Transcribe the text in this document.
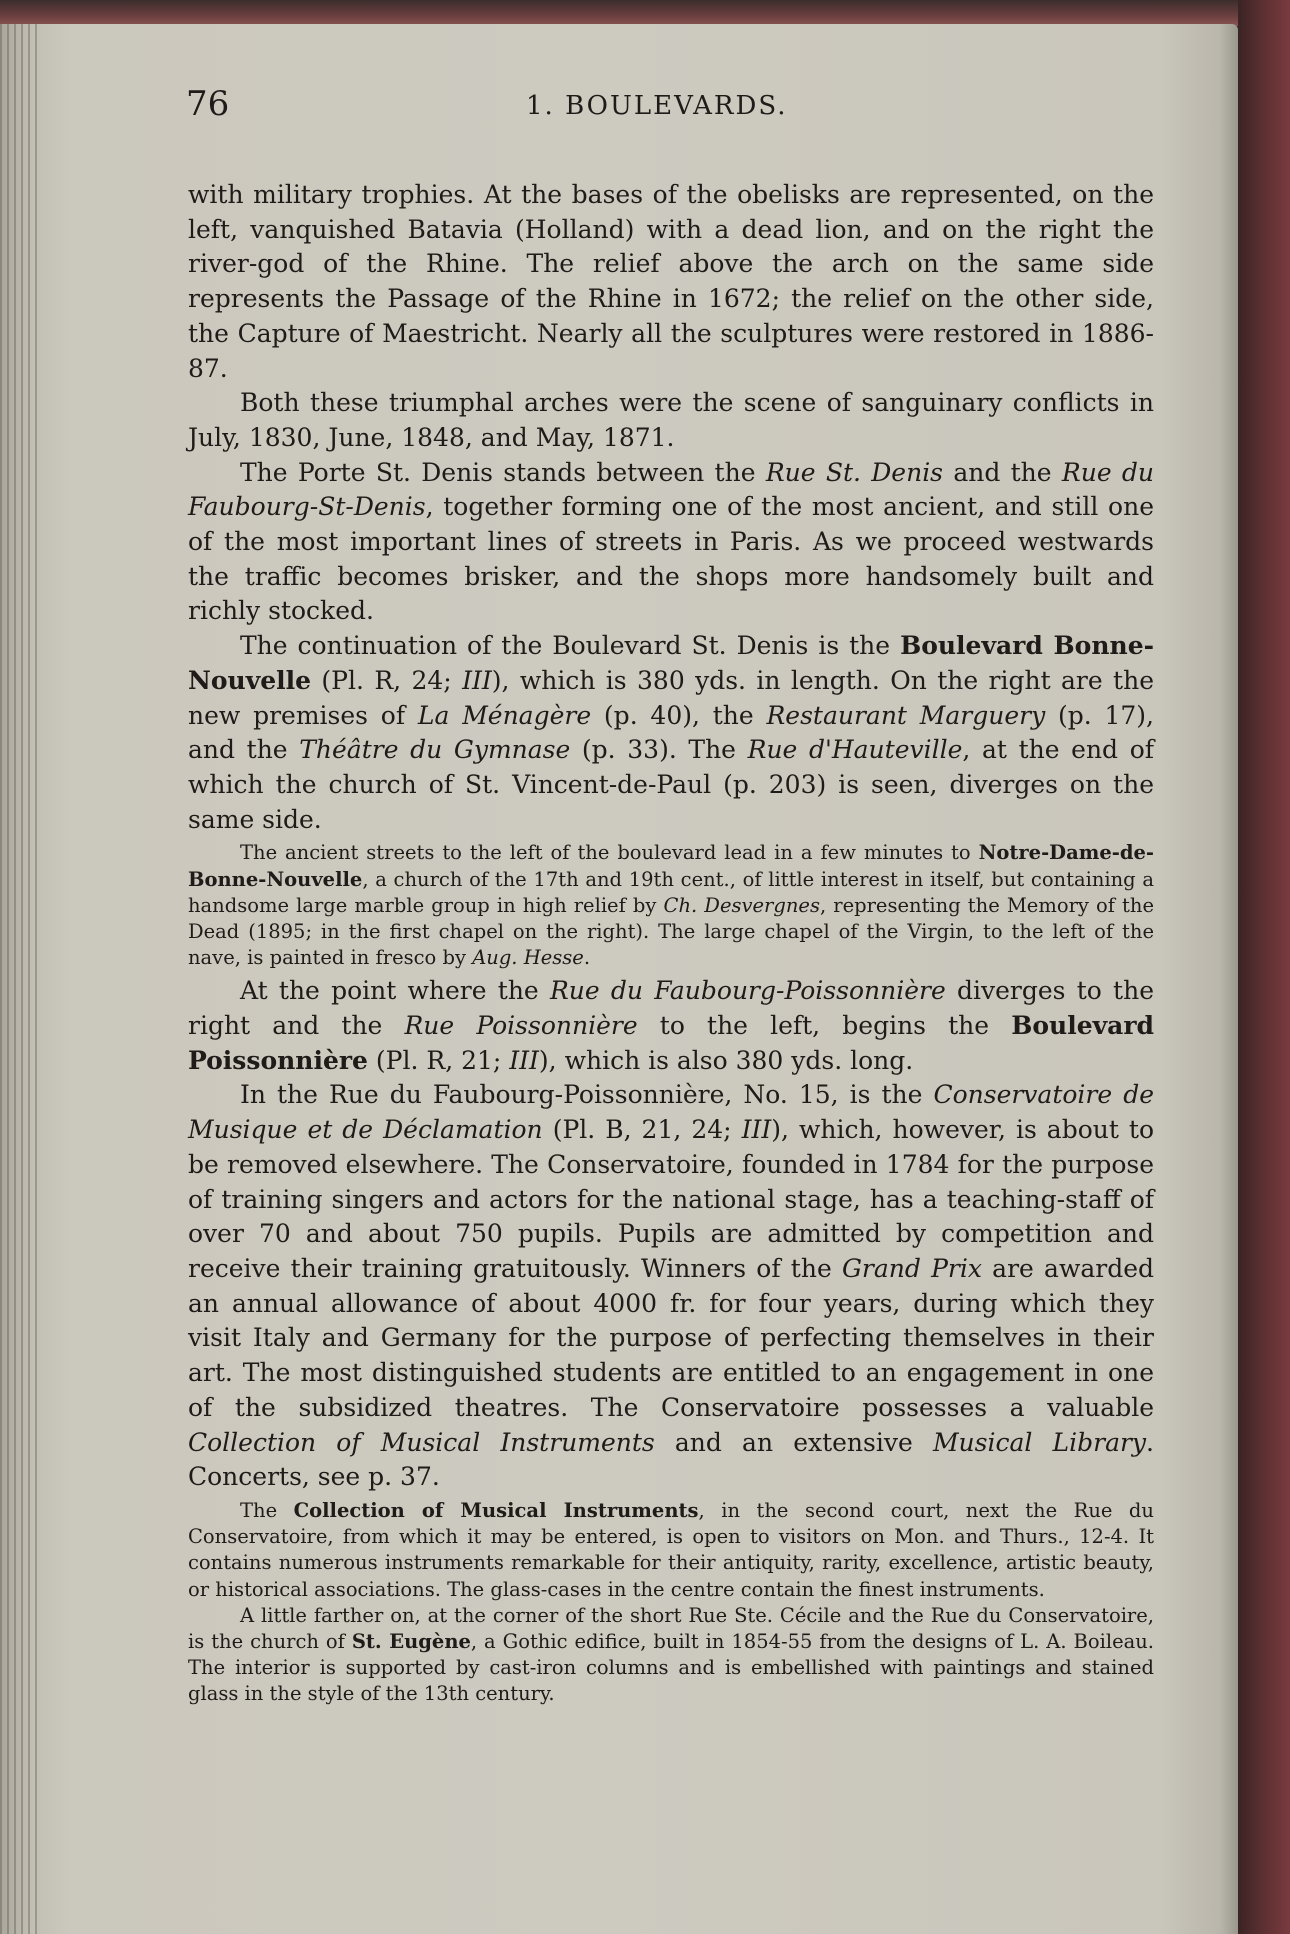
76	1. BOULEVARDS.

with military trophies. At the bases of the obelisks are represented, on the left, vanquished Batavia (Holland) with a dead lion, and on the right the river-god of the Rhine. The relief above the arch on the same side represents the Passage of the Rhine in 1672; the relief on the other side, the Capture of Maestricht. Nearly all the sculptures were restored in 1886-87.

Both these triumphal arches were the scene of sanguinary conflicts in July, 1830, June, 1848, and May, 1871.

The Porte St. Denis stands between the Rue St. Denis and the Rue du Faubourg-St-Denis, together forming one of the most ancient, and still one of the most important lines of streets in Paris. As we proceed westwards the traffic becomes brisker, and the shops more handsomely built and richly stocked.

The continuation of the Boulevard St. Denis is the Boulevard Bonne-Nouvelle (Pl. R, 24; III), which is 380 yds. in length. On the right are the new premises of La Ménagère (p. 40), the Restaurant Marguery (p. 17), and the Théâtre du Gymnase (p. 33). The Rue d'Hauteville, at the end of which the church of St. Vincent-de-Paul (p. 203) is seen, diverges on the same side.

The ancient streets to the left of the boulevard lead in a few minutes to Notre-Dame-de-Bonne-Nouvelle, a church of the 17th and 19th cent., of little interest in itself, but containing a handsome large marble group in high relief by Ch. Desvergnes, representing the Memory of the Dead (1895; in the first chapel on the right). The large chapel of the Virgin, to the left of the nave, is painted in fresco by Aug. Hesse.

At the point where the Rue du Faubourg-Poissonnière diverges to the right and the Rue Poissonnière to the left, begins the Boulevard Poissonnière (Pl. R, 21; III), which is also 380 yds. long.

In the Rue du Faubourg-Poissonnière, No. 15, is the Conservatoire de Musique et de Déclamation (Pl. B, 21, 24; III), which, however, is about to be removed elsewhere. The Conservatoire, founded in 1784 for the purpose of training singers and actors for the national stage, has a teaching-staff of over 70 and about 750 pupils. Pupils are admitted by competition and receive their training gratuitously. Winners of the Grand Prix are awarded an annual allowance of about 4000 fr. for four years, during which they visit Italy and Germany for the purpose of perfecting themselves in their art. The most distinguished students are entitled to an engagement in one of the subsidized theatres. The Conservatoire possesses a valuable Collection of Musical Instruments and an extensive Musical Library. Concerts, see p. 37.

The Collection of Musical Instruments, in the second court, next the Rue du Conservatoire, from which it may be entered, is open to visitors on Mon. and Thurs., 12-4. It contains numerous instruments remarkable for their antiquity, rarity, excellence, artistic beauty, or historical associations. The glass-cases in the centre contain the finest instruments.

A little farther on, at the corner of the short Rue Ste. Cécile and the Rue du Conservatoire, is the church of St. Eugène, a Gothic edifice, built in 1854-55 from the designs of L. A. Boileau. The interior is supported by cast-iron columns and is embellished with paintings and stained glass in the style of the 13th century.
